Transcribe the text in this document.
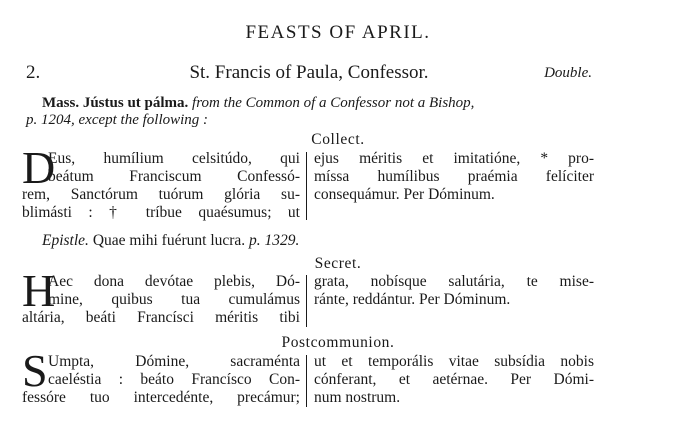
FEASTS OF APRIL.
2.	St. Francis of Paula, Confessor.	Double.
Mass. Jústus ut pálma. from the Common of a Confessor not a Bishop,
p. 1204, except the following :
Collect.
D
Eus, humílium celsitúdo, qui
beátum Franciscum Confessó-
rem, Sanctórum tuórum glória su-
blimásti : † tríbue quaésumus; ut
ejus méritis et imitatióne, * pro-
míssa humílibus praémia felíciter
consequámur. Per Dóminum.
Epistle. Quae mihi fuérunt lucra. p. 1329.
Secret.
H
Aec dona devótae plebis, Dó-
mine, quibus tua cumulámus
altária, beáti Francísci méritis tibi
grata, nobísque salutária, te mise-
ránte, reddántur. Per Dóminum.
Postcommunion.
S Umpta, Dómine, sacraménta
caeléstia : beáto Francísco Con-
fessóre tuo intercedénte, precámur;
ut et temporális vitae subsídia nobis
cónferant, et aetérnae. Per Dómi-
num nostrum.
